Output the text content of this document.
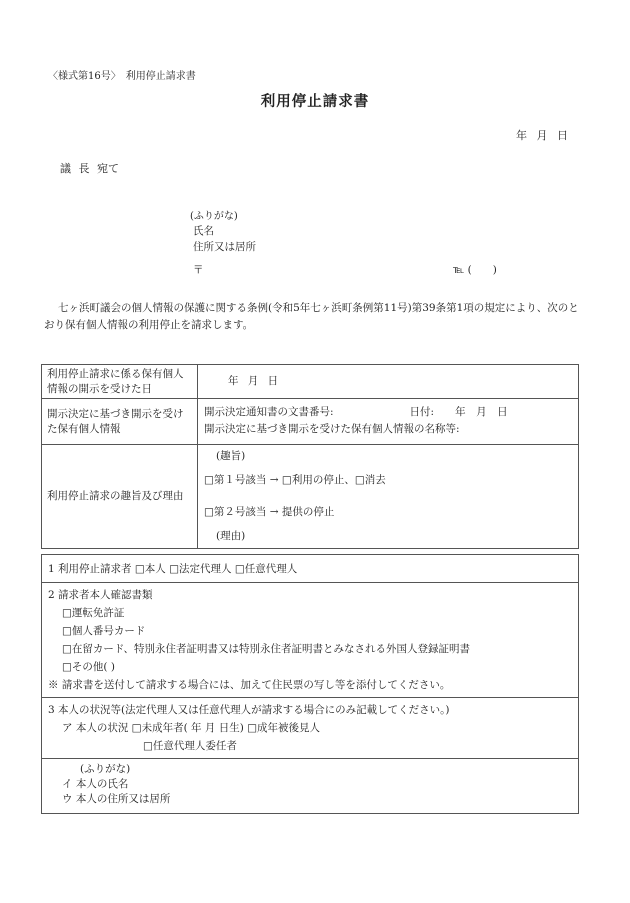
〈様式第16号〉　利用停止請求書
利用停止請求書
年 月 日
議 長 宛て
(ふりがな)
氏名
住所又は居所
〒	℡ (　　)
七ヶ浜町議会の個人情報の保護に関する条例(令和5年七ヶ浜町条例第11号)第39条第1項の規定により、次のとおり保有個人情報の利用停止を請求します。
利用停止請求に係る保有個人情報の開示を受けた日
年 月 日
開示決定に基づき開示を受けた保有個人情報
開示決定通知書の文書番号:	日付:　　年　月　日
開示決定に基づき開示を受けた保有個人情報の名称等:
利用停止請求の趣旨及び理由
(趣旨)
□第１号該当 → □利用の停止、□消去
□第２号該当 → 提供の停止
(理由)
1 利用停止請求者 □本人 □法定代理人 □任意代理人
2 請求者本人確認書類
□運転免許証
□個人番号カード
□在留カード、特別永住者証明書又は特別永住者証明書とみなされる外国人登録証明書
□その他( )
※ 請求書を送付して請求する場合には、加えて住民票の写し等を添付してください。
3 本人の状況等(法定代理人又は任意代理人が請求する場合にのみ記載してください。)
ア 本人の状況 □未成年者( 年 月 日生) □成年被後見人
□任意代理人委任者
(ふりがな)
イ 本人の氏名
ウ 本人の住所又は居所
